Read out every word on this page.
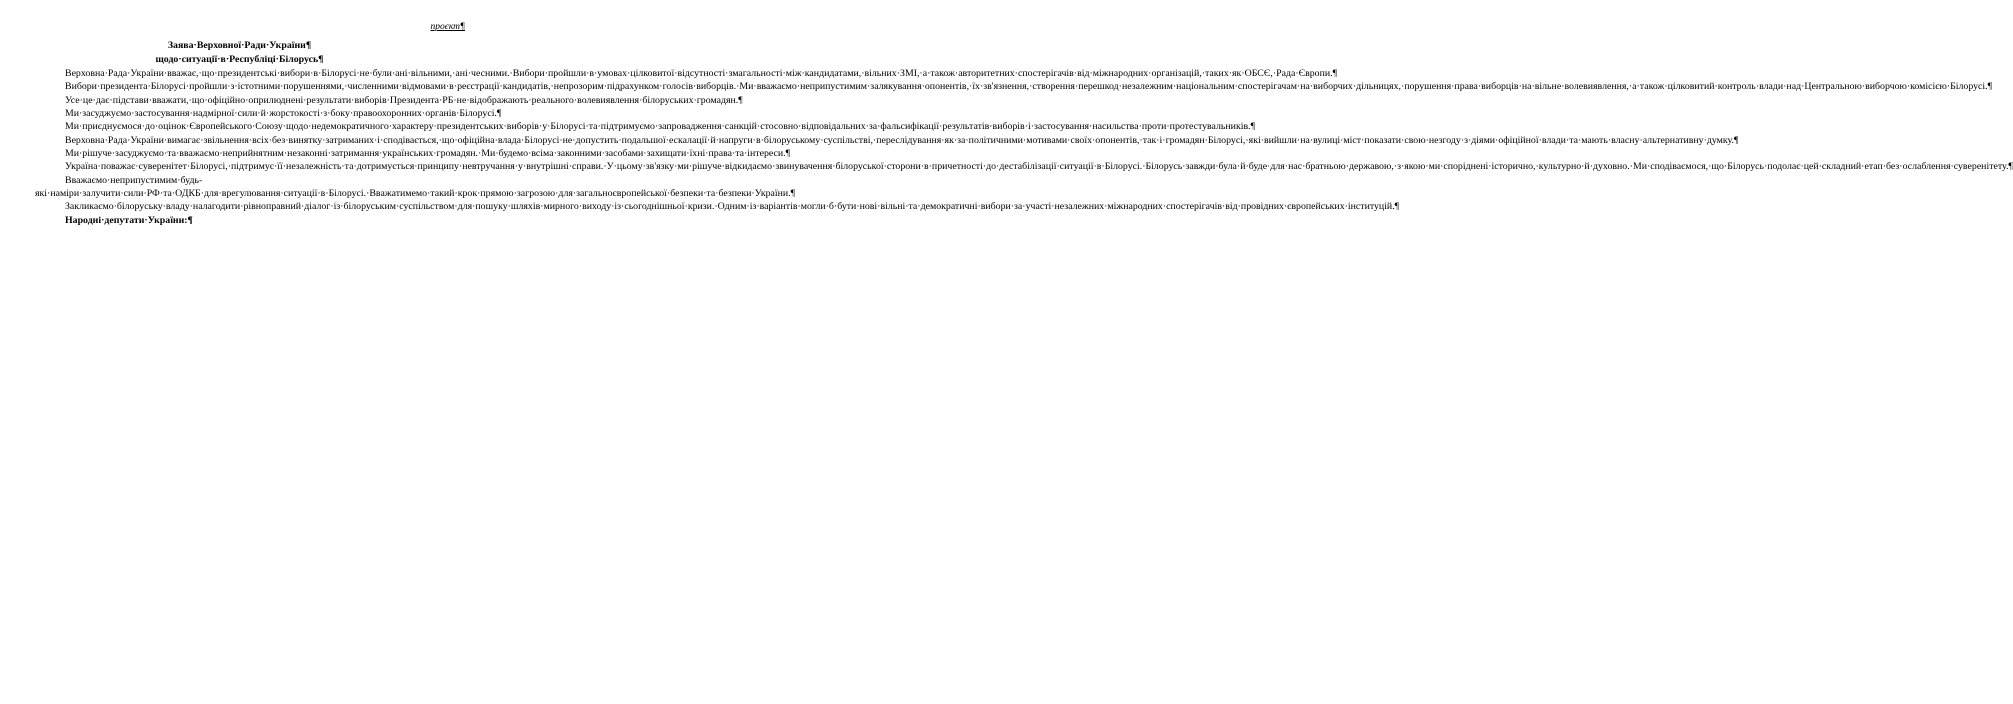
проєкт¶
Заява·Верховної·Ради·України¶
щодо·ситуації·в·Республіці·Білорусь¶

Верховна·Рада·України·вважає,·що·президентські·вибори·в·Білорусі·не·були·ані·вільними,·ані·чесними.·Вибори·пройшли·в·умовах·цілковитої·відсутності·змагальності·між·кандидатами,·вільних·ЗМІ,·а·також·авторитетних·спостерігачів·від·міжнародних·організацій,·таких·як·ОБСЄ,·Рада·Європи.¶

Вибори·президента·Білорусі·пройшли·з·істотними·порушеннями,·численними·відмовами·в·реєстрації·кандидатів,·непрозорим·підрахунком·голосів·виборців.·Ми·вважаємо·неприпустимим·залякування·опонентів,·їх·зв'язнення,·створення·перешкод·незалежним·національним·спостерігачам·на·виборчих·дільницях,·порушення·права·виборців·на·вільне·волевиявлення,·а·також·цілковитий·контроль·влади·над·Центральною·виборчою·комісією·Білорусі.¶

Усе·це·дає·підстави·вважати,·що·офіційно·оприлюднені·результати·виборів·Президента·РБ·не·відображають·реального·волевиявлення·білоруських·громадян.¶

Ми·засуджуємо·застосування·надмірної·сили·й·жорстокості·з·боку·правоохоронних·органів·Білорусі.¶

Ми·приєднуємося·до·оцінок·Європейського·Союзу·щодо·недемократичного·характеру·президентських·виборів·у·Білорусі·та·підтримуємо·запровадження·санкцій·стосовно·відповідальних·за·фальсифікації·результатів·виборів·і·застосування·насильства·проти·протестувальників.¶

Верховна·Рада·України·вимагає·звільнення·всіх·без·винятку·затриманих·і·сподівається,·що·офіційна·влада·Білорусі·не·допустить·подальшої·ескалації·й·напруги·в·білоруському·суспільстві,·переслідування·як·за·політичними·мотивами·своїх·опонентів,·так·і·громадян·Білорусі,·які·вийшли·на·вулиці·міст·показати·свою·незгоду·з·діями·офіційної·влади·та·мають·власну·альтернативну·думку.¶

Ми·рішуче·засуджуємо·та·вважаємо·неприйнятним·незаконні·затримання·українських·громадян.·Ми·будемо·всіма·законними·засобами·захищати·їхні·права·та·інтереси.¶

Україна·поважає·суверенітет·Білорусі,·підтримує·її·незалежність·та·дотримується·принципу·невтручання·у·внутрішні·справи.·У·цьому·зв'язку·ми·рішуче·відкидаємо·звинувачення·білоруської·сторони·в·причетності·до·дестабілізації·ситуації·в·Білорусі.·Білорусь·завжди·була·й·буде·для·нас·братньою·державою,·з·якою·ми·споріднені·історично,·культурно·й·духовно.·Ми·сподіваємося,·що·Білорусь·подолає·цей·складний·етап·без·ослаблення·суверенітету.¶

Вважаємо·неприпустимим·будь-які·наміри·залучити·сили·РФ·та·ОДКБ·для·врегулювання·ситуації·в·Білорусі.·Вважатимемо·такий·крок·прямою·загрозою·для·загальноєвропейської·безпеки·та·безпеки·України.¶

Закликаємо·білоруську·владу·налагодити·рівноправний·діалог·із·білоруським·суспільством·для·пошуку·шляхів·мирного·виходу·із·сьогоднішньої·кризи.·Одним·із·варіантів·могли·б·бути·нові·вільні·та·демократичні·вибори·за·участі·незалежних·міжнародних·спостерігачів·від·провідних·європейських·інституцій.¶

Народні·депутати·України:¶
